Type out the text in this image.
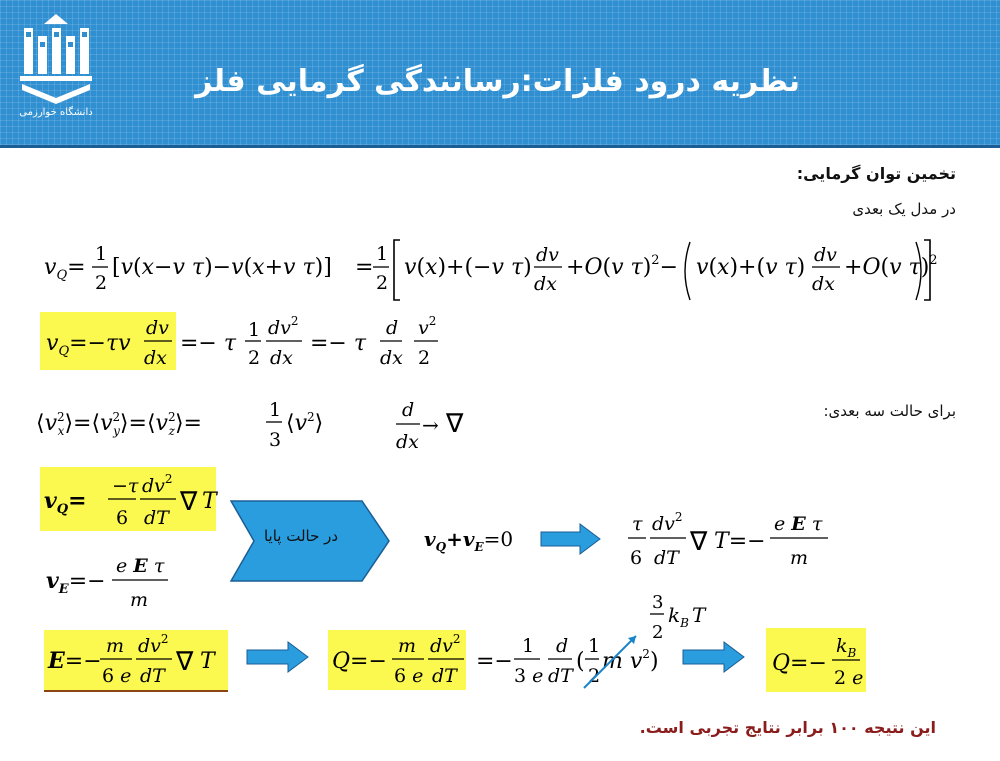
دانشگاه خوارزمی
نظریه درود فلزات:رسانندگی گرمایی فلز
تخمین توان گرمایی:
در مدل یک بعدی
$v_Q=$
1
2
[v(x−v τ)−v(x+v τ)] =
1
2
v(x)+(−v τ) dv
dx
+O(v τ)$^2$− v(x)+(v τ) dv
dx
+O(v τ)$^2$
$v_Q=-\tau v$
dv
dx
=− τ
1
2
$dv^2$
dx
=− τ
d
dx
$v^2$
2
برای حالت سه بعدی:
$⟨v^2$ $x⟩=⟨v^2$ $y⟩=⟨v^2$ z⟩=
1
3
$⟨v^2⟩$
d
dx
→ ∇
$v_Q=$
−τ
6
$dv^2$
dT
∇ T
در حالت پایا
$v_E=-$
e E τ
m
$v_Q+v_E=0$
τ
6
$dv^2$
dT
∇ T=−
e E τ
m
3
2
$k_B$ T
E=−
m
6 e
$dv^2$
dT ∇ T	Q=−
m
6 e
$dv^2$
dT
=−
1
3 e
d
dT
(
1
2
m $v^2$)	Q=−
$k_B$
2 e
این نتیجه ۱۰۰ برابر نتایج تجربی است.
